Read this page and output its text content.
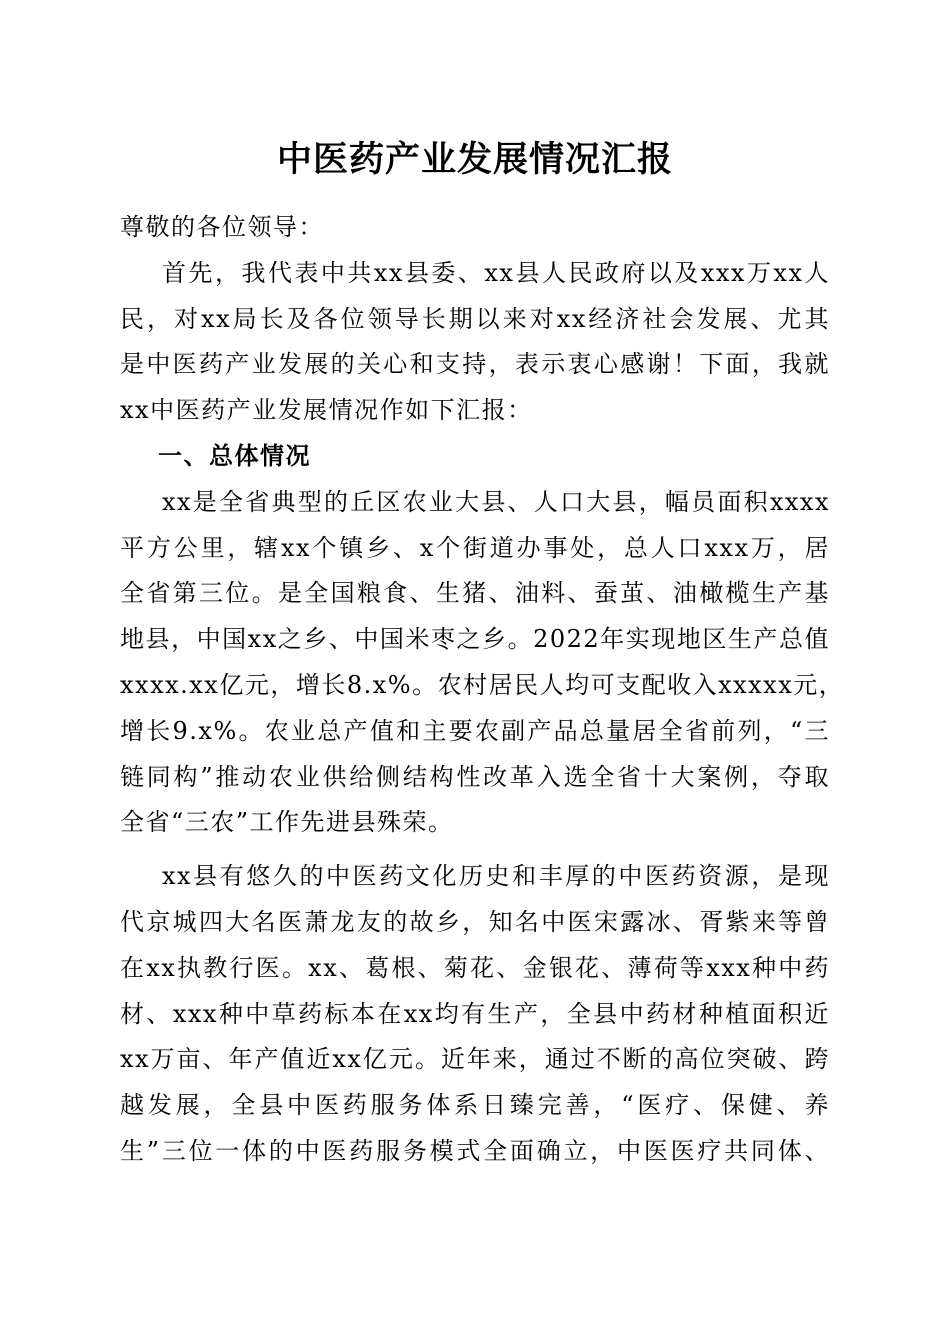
中医药产业发展情况汇报
尊敬的各位领导：
首先，我代表中共xx县委、xx县人民政府以及xxx万xx人
民，对xx局长及各位领导长期以来对xx经济社会发展、尤其
是中医药产业发展的关心和支持，表示衷心感谢！下面，我就
xx中医药产业发展情况作如下汇报：
一、总体情况
xx是全省典型的丘区农业大县、人口大县，幅员面积xxxx
平方公里，辖xx个镇乡、x个街道办事处，总人口xxx万，居
全省第三位。是全国粮食、生猪、油料、蚕茧、油橄榄生产基
地县，中国xx之乡、中国米枣之乡。2022年实现地区生产总值
xxxx.xx亿元，增长8.x%。农村居民人均可支配收入xxxxx元，
增长9.x%。农业总产值和主要农副产品总量居全省前列，“三
链同构”推动农业供给侧结构性改革入选全省十大案例，夺取
全省“三农”工作先进县殊荣。
xx县有悠久的中医药文化历史和丰厚的中医药资源，是现
代京城四大名医萧龙友的故乡，知名中医宋露冰、胥紫来等曾
在xx执教行医。xx、葛根、菊花、金银花、薄荷等xxx种中药
材、xxx种中草药标本在xx均有生产，全县中药材种植面积近
xx万亩、年产值近xx亿元。近年来，通过不断的高位突破、跨
越发展，全县中医药服务体系日臻完善，“医疗、保健、养
生”三位一体的中医药服务模式全面确立，中医医疗共同体、
